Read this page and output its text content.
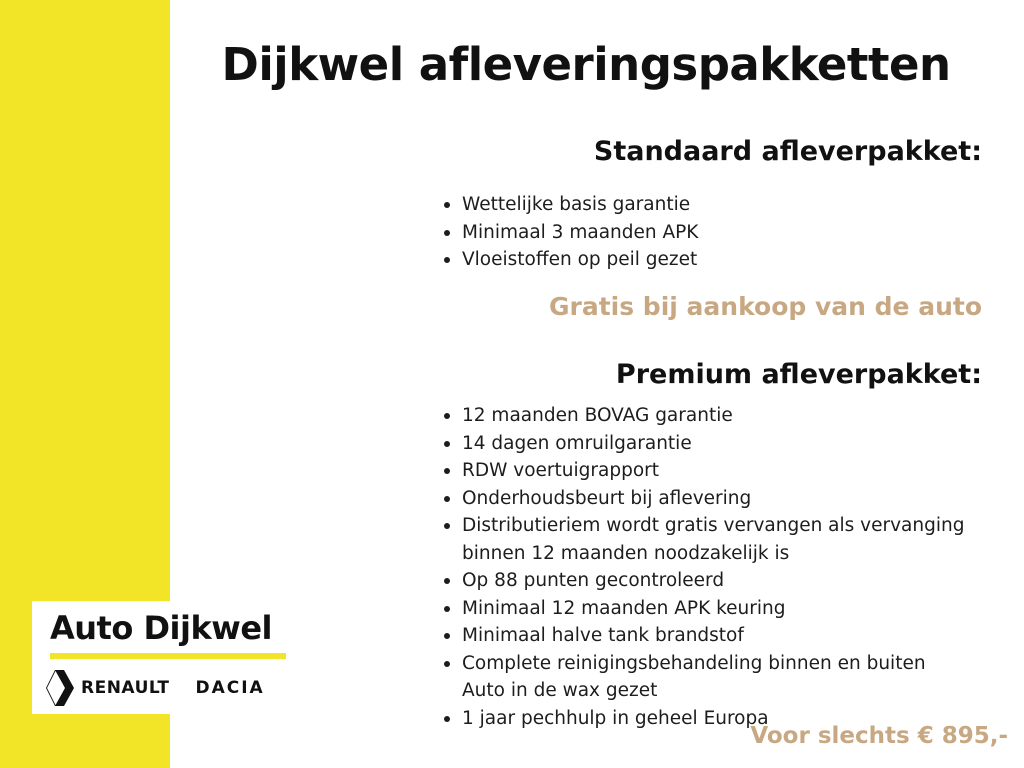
Dijkwel afleveringspakketten
Standaard afleverpakket:
Wettelijke basis garantie
Minimaal 3 maanden APK
Vloeistoffen op peil gezet
Gratis bij aankoop van de auto
Premium afleverpakket:
12 maanden BOVAG garantie
14 dagen omruilgarantie
RDW voertuigrapport
Onderhoudsbeurt bij aflevering
Distributieriem wordt gratis vervangen als vervanging
binnen 12 maanden noodzakelijk is
Op 88 punten gecontroleerd
Minimaal 12 maanden APK keuring
Minimaal halve tank brandstof
Complete reinigingsbehandeling binnen en buiten
Auto in de wax gezet
1 jaar pechhulp in geheel Europa
Voor slechts € 895,-
Auto Dijkwel
RENAULT DACIA
